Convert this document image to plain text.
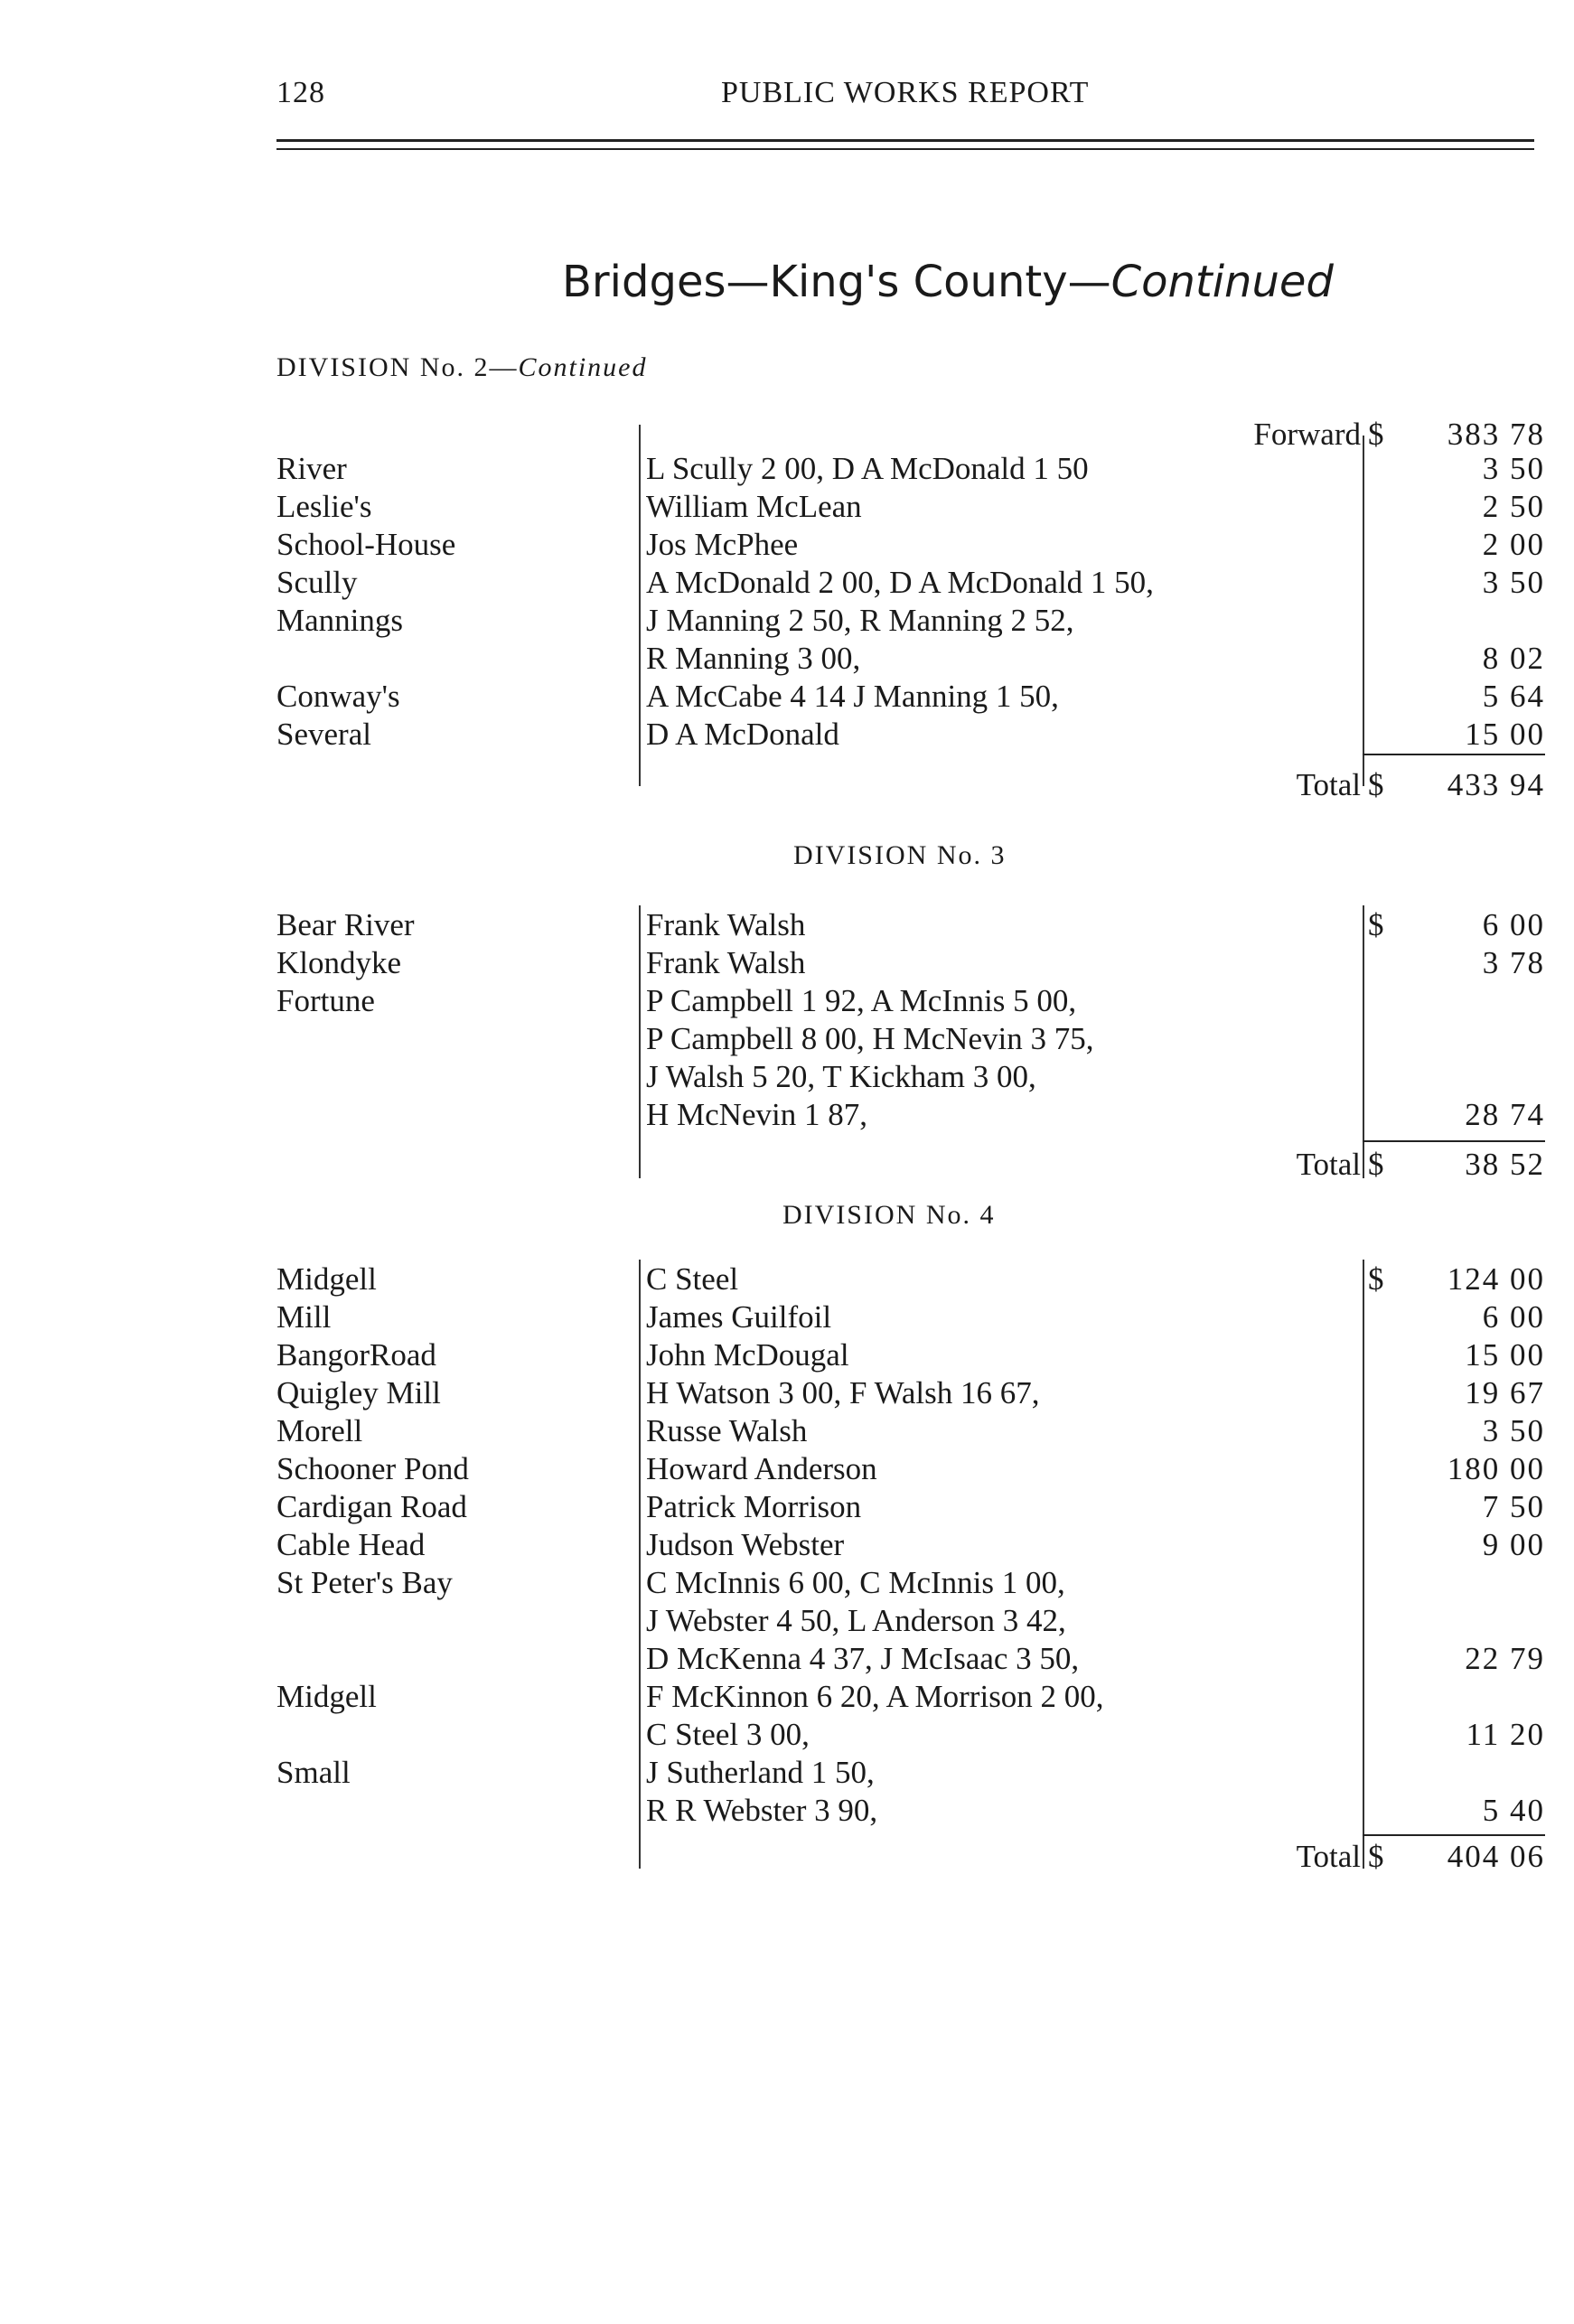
128	PUBLIC WORKS REPORT
Bridges—King's County—Continued
DIVISION No. 2—Continued
Forward $ 383 78
River	L Scully 2 00, D A McDonald 1 50	3 50
Leslie's	William McLean	2 50
School-House	Jos McPhee	2 00
Scully	A McDonald 2 00, D A McDonald 1 50,	3 50
Mannings	J Manning 2 50, R Manning 2 52,
R Manning 3 00,	8 02
Conway's	A McCabe 4 14 J Manning 1 50,	5 64
Several	D A McDonald	15 00
Total $ 433 94
DIVISION No. 3
Bear River	Frank Walsh	$	6 00
Klondyke	Frank Walsh	3 78
Fortune	P Campbell 1 92, A McInnis 5 00,
P Campbell 8 00, H McNevin 3 75,
J Walsh 5 20, T Kickham 3 00,
H McNevin 1 87,	28 74
Total $	38 52
DIVISION No. 4
Midgell	C Steel	$ 124 00
Mill	James Guilfoil	6 00
BangorRoad	John McDougal	15 00
Quigley Mill	H Watson 3 00, F Walsh 16 67,	19 67
Morell	Russe Walsh	3 50
Schooner Pond	Howard Anderson	180 00
Cardigan Road	Patrick Morrison	7 50
Cable Head	Judson Webster	9 00
St Peter's Bay	C McInnis 6 00, C McInnis 1 00,
J Webster 4 50, L Anderson 3 42,
D McKenna 4 37, J McIsaac 3 50,	22 79
Midgell	F McKinnon 6 20, A Morrison 2 00,
C Steel 3 00,	11 20
Small	J Sutherland 1 50,
R R Webster 3 90,	5 40
Total $ 404 06
